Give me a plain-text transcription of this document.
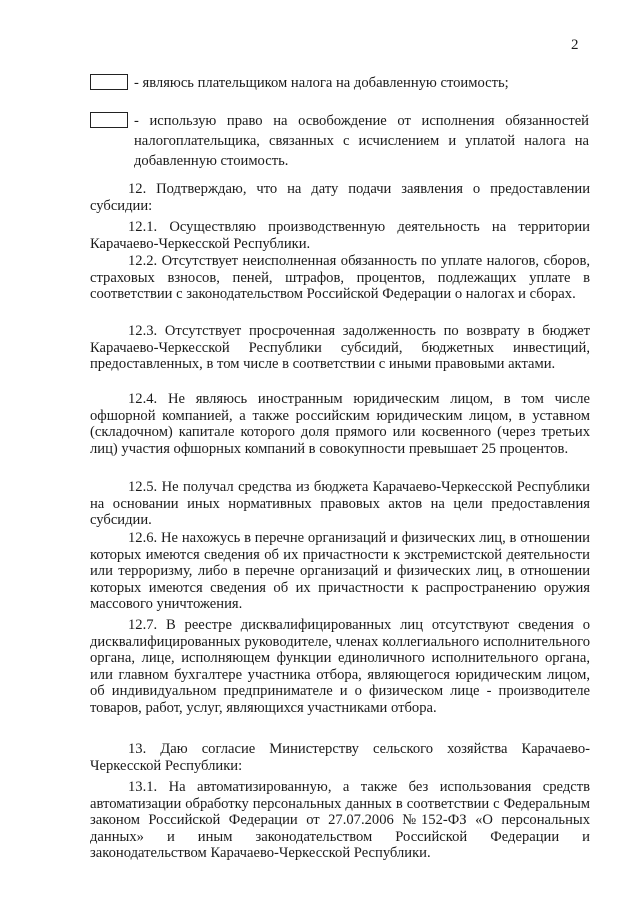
2
- являюсь плательщиком налога на добавленную стоимость;
- использую право на освобождение от исполнения обязанностей налогоплательщика, связанных с исчислением и уплатой налога на добавленную стоимость.

12. Подтверждаю, что на дату подачи заявления о предоставлении субсидии:

12.1. Осуществляю производственную деятельность на территории Карачаево-Черкесской Республики.

12.2. Отсутствует неисполненная обязанность по уплате налогов, сборов, страховых взносов, пеней, штрафов, процентов, подлежащих уплате в соответствии с законодательством Российской Федерации о налогах и сборах.

12.3. Отсутствует просроченная задолженность по возврату в бюджет Карачаево-Черкесской Республики субсидий, бюджетных инвестиций, предоставленных, в том числе в соответствии с иными правовыми актами.

12.4. Не являюсь иностранным юридическим лицом, в том числе офшорной компанией, а также российским юридическим лицом, в уставном (складочном) капитале которого доля прямого или косвенного (через третьих лиц) участия офшорных компаний в совокупности превышает 25 процентов.

12.5. Не получал средства из бюджета Карачаево-Черкесской Республики на основании иных нормативных правовых актов на цели предоставления субсидии.

12.6. Не нахожусь в перечне организаций и физических лиц, в отношении которых имеются сведения об их причастности к экстремистской деятельности или терроризму, либо в перечне организаций и физических лиц, в отношении которых имеются сведения об их причастности к распространению оружия массового уничтожения.

12.7. В реестре дисквалифицированных лиц отсутствуют сведения о дисквалифицированных руководителе, членах коллегиального исполнительного органа, лице, исполняющем функции единоличного исполнительного органа, или главном бухгалтере участника отбора, являющегося юридическим лицом, об индивидуальном предпринимателе и о физическом лице - производителе товаров, работ, услуг, являющихся участниками отбора.

13. Даю согласие Министерству сельского хозяйства Карачаево-Черкесской Республики:

13.1. На автоматизированную, а также без использования средств автоматизации обработку персональных данных в соответствии с Федеральным законом Российской Федерации от 27.07.2006 №152-ФЗ «О персональных данных» и иным законодательством Российской Федерации и законодательством Карачаево-Черкесской Республики.
